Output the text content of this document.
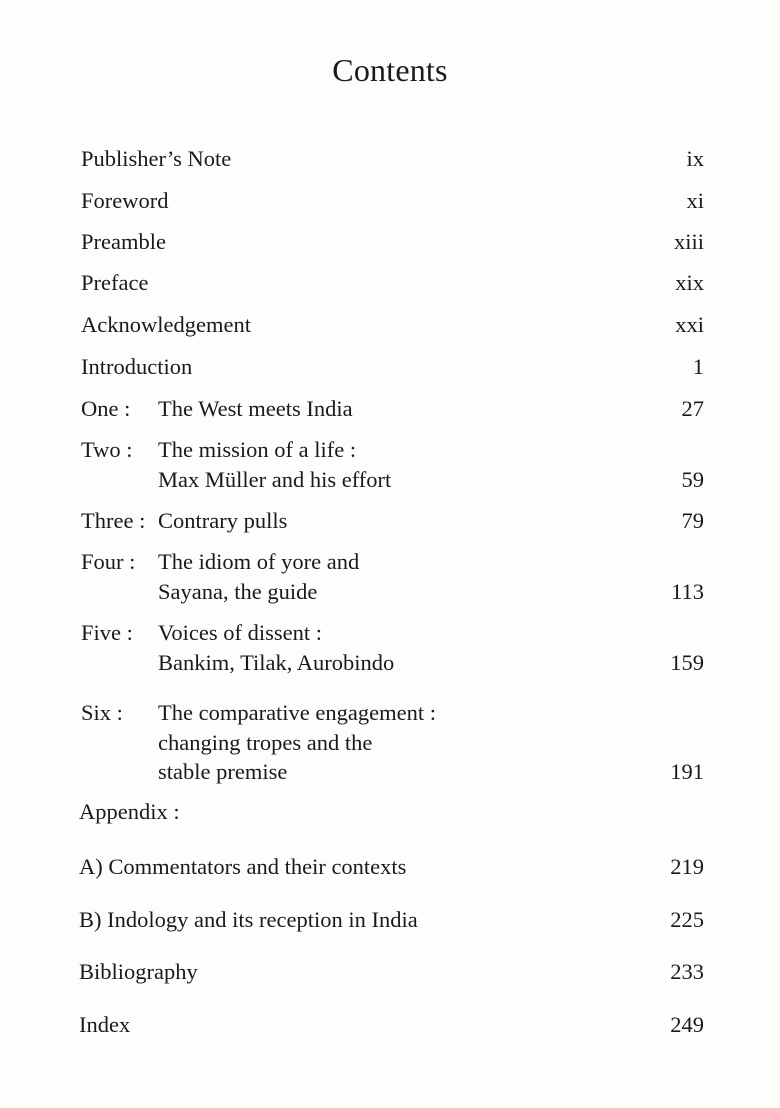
Contents
Publisher’s Note	ix
Foreword	xi
Preamble	xiii
Preface	xix
Acknowledgement	xxi
Introduction	1
One : The West meets India	27
Two : The mission of a life :
Max Müller and his effort	59
Three : Contrary pulls	79
Four : The idiom of yore and
Sayana, the guide	113
Five : Voices of dissent :
Bankim, Tilak, Aurobindo	159
Six : The comparative engagement :
changing tropes and the
stable premise	191
Appendix :
A) Commentators and their contexts	219
B) Indology and its reception in India	225
Bibliography	233
Index	249
